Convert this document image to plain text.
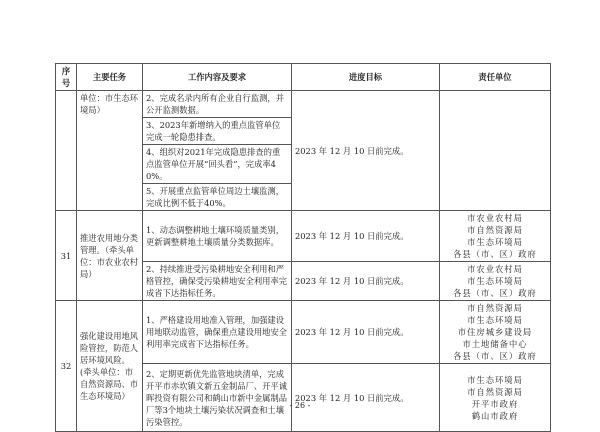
序号	主要任务	工作内容及要求	进度目标	责任单位
	单位：市生态环境局）	2、完成名录内所有企业自行监测，并公开监测数据。	2023 年 12 月 10 日前完成。	
		3、2023年新增纳入的重点监管单位完成一轮隐患排查。		
		4、组织对2021年完成隐患排查的重点监管单位开展“回头看”，完成率40%。		
		5、开展重点监管单位周边土壤监测，完成比例不低于40%。		
31	推进农用地分类管理。（牵头单位：市农业农村局）	1、动态调整耕地土壤环境质量类别，更新调整耕地土壤质量分类数据库。	2023 年 12 月 10 日前完成。	市农业农村局
市自然资源局
市生态环境局
各县（市、区）政府

		2、持续推进受污染耕地安全利用和严格管控，确保受污染耕地安全利用率完成省下达指标任务。	2023 年 12 月 10 日前完成。	市农业农村局
市生态环境局
各县（市、区）政府

32	强化建设用地风险管控，防范人居环境风险。(牵头单位：市自然资源局、市生态环境局）	1、严格建设用地准入管理，加强建设用地联动监管，确保重点建设用地安全利用率完成省下达指标任务。	2023 年 12 月 10 日前完成。	市自然资源局
市生态环境局
市住房城乡建设局
市土地储备中心
各县（市、区）政府

		2、定期更新优先监管地块清单，完成开平市赤坎镇文新五金制品厂、开平诚晖投资有限公司和鹤山市新中金属制品厂等3个地块土壤污染状况调查和土壤污染管控。	2023 年 12 月 10 日前完成。	市生态环境局
市自然资源局
开平市政府
鹤山市政府
- 26 -
